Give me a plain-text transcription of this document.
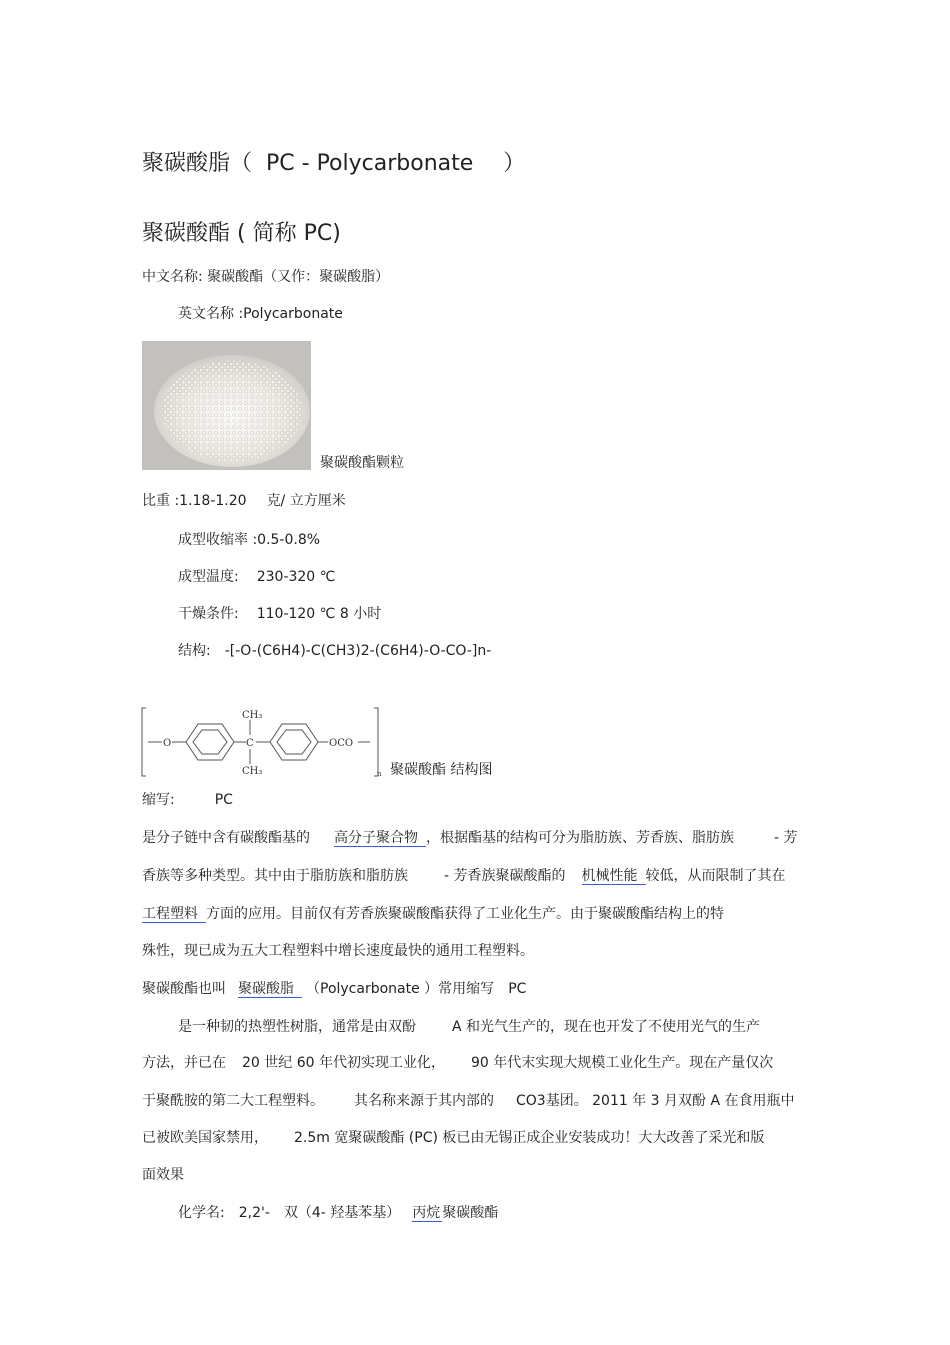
聚碳酸脂（ PC - Polycarbonate ）
聚碳酸酯 ( 简称 PC)
中文名称: 聚碳酸酯（又作：聚碳酸脂）
英文名称 :Polycarbonate
聚碳酸酯颗粒
比重 :1.18-1.20 克/ 立方厘米
成型收缩率 :0.5-0.8%
成型温度: 230-320 ℃
干燥条件: 110-120 ℃ 8 小时
结构: -[-O-(C6H4)-C(CH3)2-(C6H4)-O-CO-]n-
O	C
CH₃
CH₃
OCO
n 聚碳酸酯 结构图
缩写:	PC
是分子链中含有碳酸酯基的 高分子聚合物 ，根据酯基的结构可分为脂肪族、芳香族、脂肪族	- 芳
香族等多种类型。其中由于脂肪族和脂肪族	- 芳香族聚碳酸酯的 机械性能 较低，从而限制了其在
工程塑料 方面的应用。目前仅有芳香族聚碳酸酯获得了工业化生产。由于聚碳酸酯结构上的特
殊性，现已成为五大工程塑料中增长速度最快的通用工程塑料。
聚碳酸酯也叫 聚碳酸脂 （Polycarbonate ）常用缩写 PC
是一种韧的热塑性树脂，通常是由双酚	A 和光气生产的，现在也开发了不使用光气的生产
方法，并已在 20 世纪 60 年代初实现工业化， 90 年代末实现大规模工业化生产。现在产量仅次
于聚酰胺的第二大工程塑料。 其名称来源于其内部的 CO3基团。 2011 年 3 月双酚 A 在食用瓶中
已被欧美国家禁用， 2.5m 宽聚碳酸酯 (PC) 板已由无锡正成企业安装成功！大大改善了采光和版
面效果
化学名: 2,2'- 双（4- 羟基苯基） 丙烷 聚碳酸酯
